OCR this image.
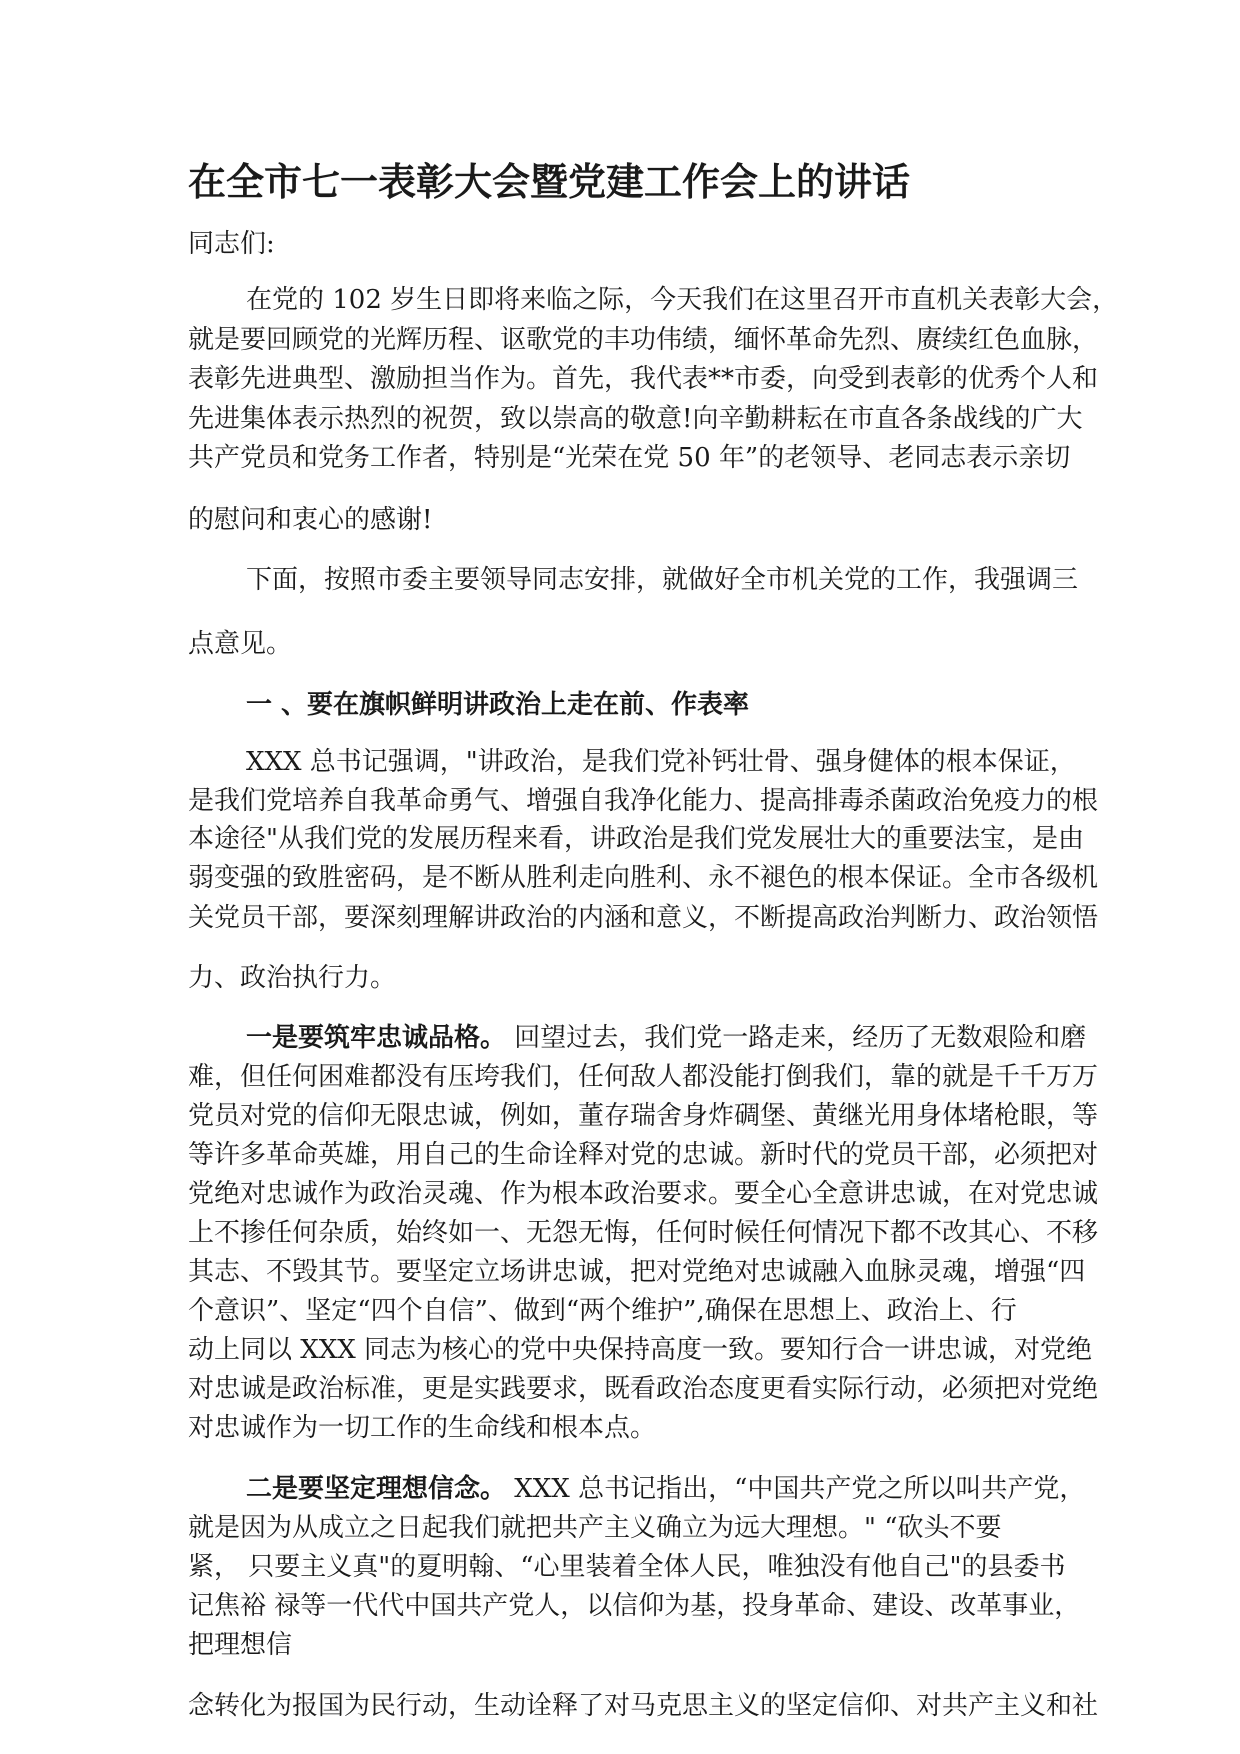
在全市七一表彰大会暨党建工作会上的讲话
同志们:
在党的 102 岁生日即将来临之际，今天我们在这里召开市直机关表彰大会，
就是要回顾党的光辉历程、讴歌党的丰功伟绩，缅怀革命先烈、赓续红色血脉，
表彰先进典型、激励担当作为。首先，我代表**市委，向受到表彰的优秀个人和
先进集体表示热烈的祝贺，致以崇高的敬意!向辛勤耕耘在市直各条战线的广大
共产党员和党务工作者，特别是“光荣在党 50 年”的老领导、老同志表示亲切
的慰问和衷心的感谢!
下面，按照市委主要领导同志安排，就做好全市机关党的工作，我强调三
点意见。
一 、要在旗帜鲜明讲政治上走在前、作表率
XXX 总书记强调，"讲政治，是我们党补钙壮骨、强身健体的根本保证，
是我们党培养自我革命勇气、增强自我净化能力、提高排毒杀菌政治免疫力的根
本途径"从我们党的发展历程来看，讲政治是我们党发展壮大的重要法宝，是由
弱变强的致胜密码，是不断从胜利走向胜利、永不褪色的根本保证。全市各级机
关党员干部，要深刻理解讲政治的内涵和意义，不断提高政治判断力、政治领悟
力、政治执行力。
一是要筑牢忠诚品格。 回望过去，我们党一路走来，经历了无数艰险和磨
难，但任何困难都没有压垮我们，任何敌人都没能打倒我们，靠的就是千千万万
党员对党的信仰无限忠诚，例如，董存瑞舍身炸碉堡、黄继光用身体堵枪眼，等
等许多革命英雄，用自己的生命诠释对党的忠诚。新时代的党员干部，必须把对
党绝对忠诚作为政治灵魂、作为根本政治要求。要全心全意讲忠诚，在对党忠诚
上不掺任何杂质，始终如一、无怨无悔，任何时候任何情况下都不改其心、不移
其志、不毁其节。要坚定立场讲忠诚，把对党绝对忠诚融入血脉灵魂，增强“四
个意识”、坚定“四个自信”、做到“两个维护”,确保在思想上、政治上、行
动上同以 XXX 同志为核心的党中央保持高度一致。要知行合一讲忠诚，对党绝
对忠诚是政治标准，更是实践要求，既看政治态度更看实际行动，必须把对党绝
对忠诚作为一切工作的生命线和根本点。
二是要坚定理想信念。 XXX 总书记指出，“中国共产党之所以叫共产党，
就是因为从成立之日起我们就把共产主义确立为远大理想。" “砍头不要
紧， 只要主义真"的夏明翰、“心里装着全体人民，唯独没有他自己"的县委书
记焦裕 禄等一代代中国共产党人，以信仰为基，投身革命、建设、改革事业，
把理想信
念转化为报国为民行动，生动诠释了对马克思主义的坚定信仰、对共产主义和社
